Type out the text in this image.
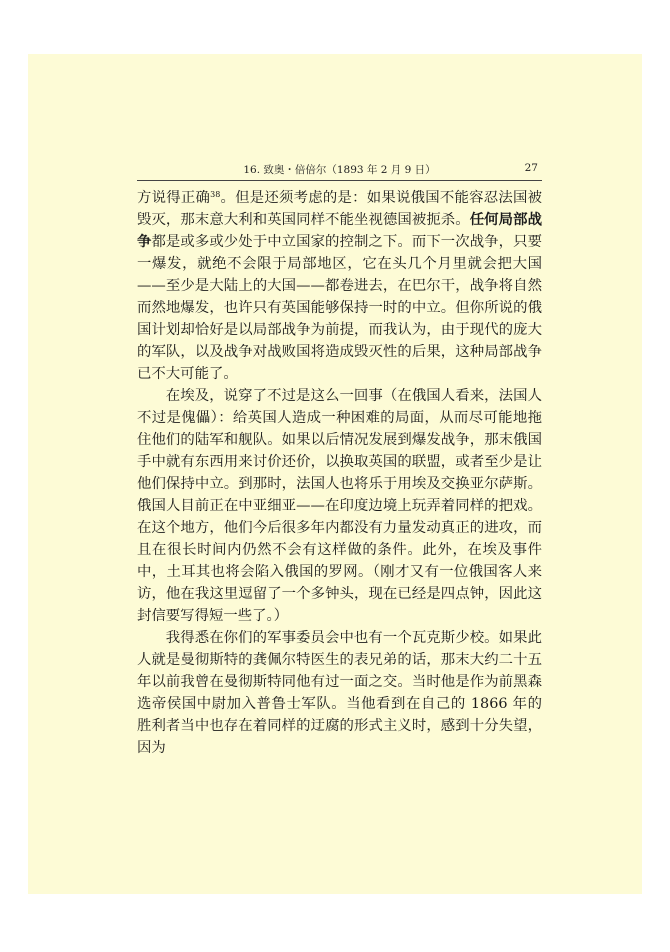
16. 致奥・倍倍尔（1893 年 2 月 9 日）	27

方说得正确$^{38}$。但是还须考虑的是：如果说俄国不能容忍法国被毁灭，那末意大利和英国同样不能坐视德国被扼杀。任何局部战争都是或多或少处于中立国家的控制之下。而下一次战争，只要一爆发，就绝不会限于局部地区，它在头几个月里就会把大国——至少是大陆上的大国——都卷进去，在巴尔干，战争将自然而然地爆发，也许只有英国能够保持一时的中立。但你所说的俄国计划却恰好是以局部战争为前提，而我认为，由于现代的庞大的军队，以及战争对战败国将造成毁灭性的后果，这种局部战争已不大可能了。

在埃及，说穿了不过是这么一回事（在俄国人看来，法国人不过是傀儡）：给英国人造成一种困难的局面，从而尽可能地拖住他们的陆军和舰队。如果以后情况发展到爆发战争，那末俄国手中就有东西用来讨价还价，以换取英国的联盟，或者至少是让他们保持中立。到那时，法国人也将乐于用埃及交换亚尔萨斯。俄国人目前正在中亚细亚——在印度边境上玩弄着同样的把戏。在这个地方，他们今后很多年内都没有力量发动真正的进攻，而且在很长时间内仍然不会有这样做的条件。此外，在埃及事件中，土耳其也将会陷入俄国的罗网。（刚才又有一位俄国客人来访，他在我这里逗留了一个多钟头，现在已经是四点钟，因此这封信要写得短一些了。）

我得悉在你们的军事委员会中也有一个瓦克斯少校。如果此人就是曼彻斯特的龚佩尔特医生的表兄弟的话，那末大约二十五年以前我曾在曼彻斯特同他有过一面之交。当时他是作为前黑森选帝侯国中尉加入普鲁士军队。当他看到在自己的 1866 年的胜利者当中也存在着同样的迂腐的形式主义时，感到十分失望，因为
